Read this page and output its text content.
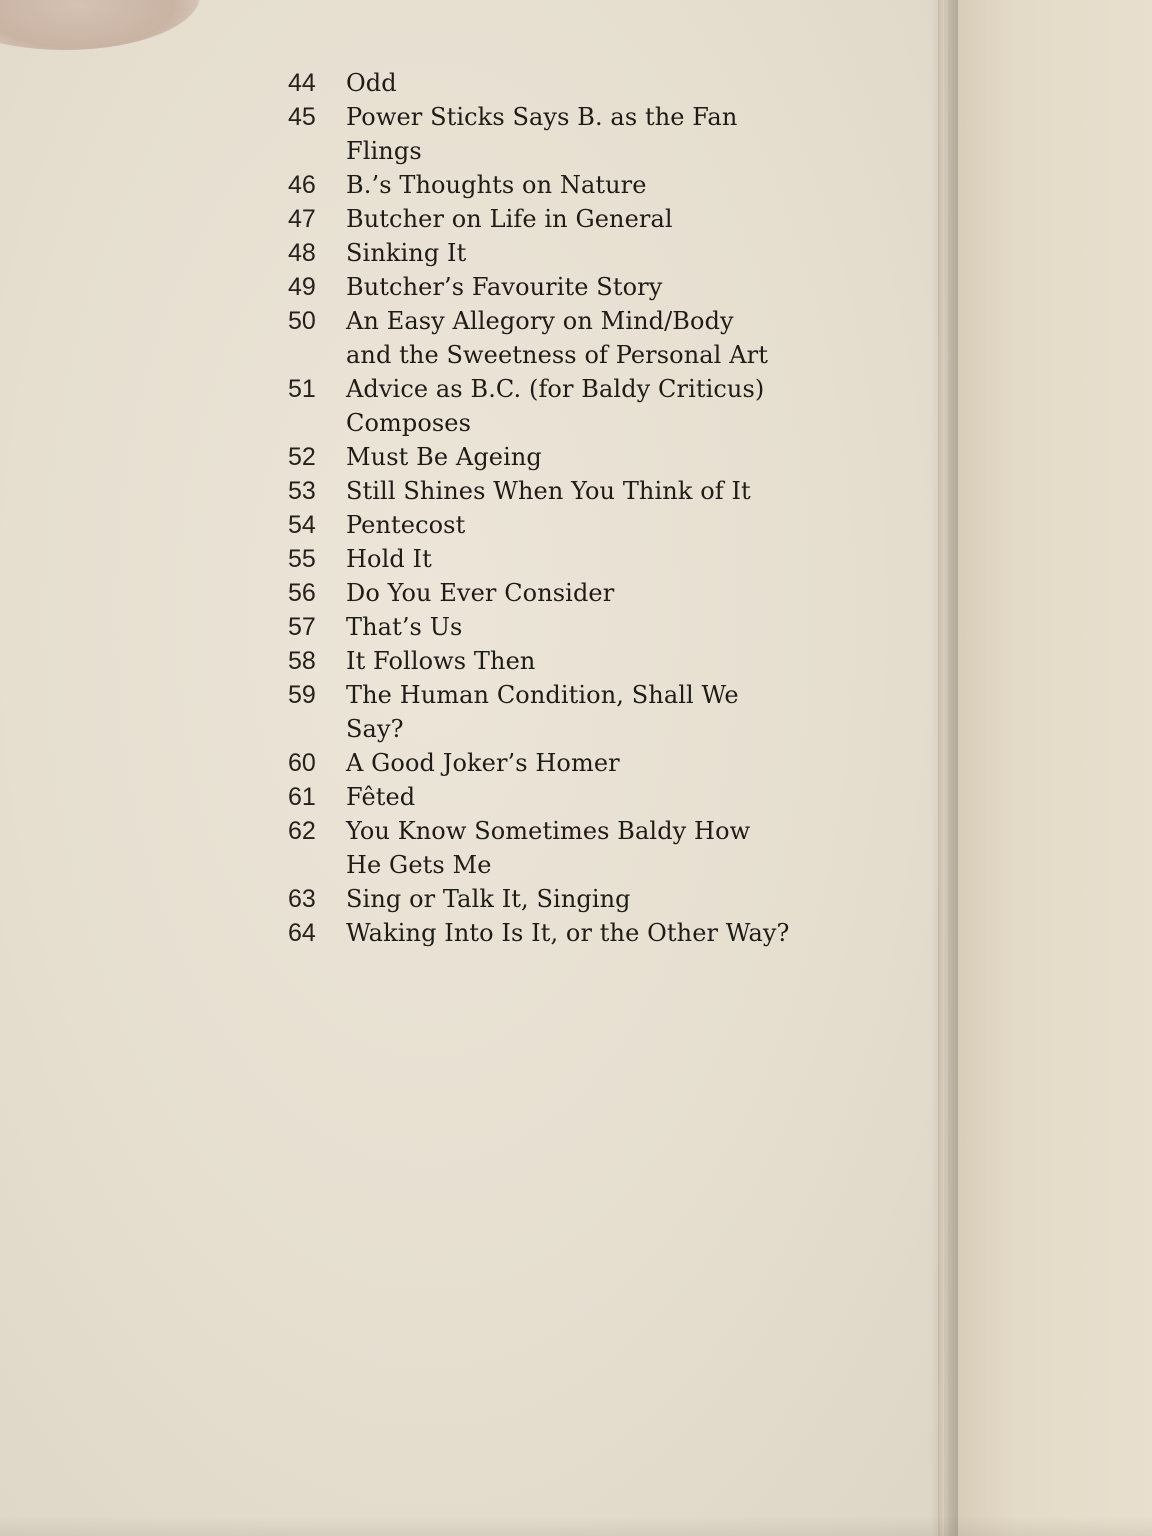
44	Odd
45	Power Sticks Says B. as the Fan
Flings
46	B.’s Thoughts on Nature
47	Butcher on Life in General
48	Sinking It
49	Butcher’s Favourite Story
50	An Easy Allegory on Mind/Body
and the Sweetness of Personal Art
51	Advice as B.C. (for Baldy Criticus)
Composes
52	Must Be Ageing
53	Still Shines When You Think of It
54	Pentecost
55	Hold It
56	Do You Ever Consider
57	That’s Us
58	It Follows Then
59	The Human Condition, Shall We
Say?
60	A Good Joker’s Homer
61	Fêted
62	You Know Sometimes Baldy How
He Gets Me
63	Sing or Talk It, Singing
64	Waking Into Is It, or the Other Way?
